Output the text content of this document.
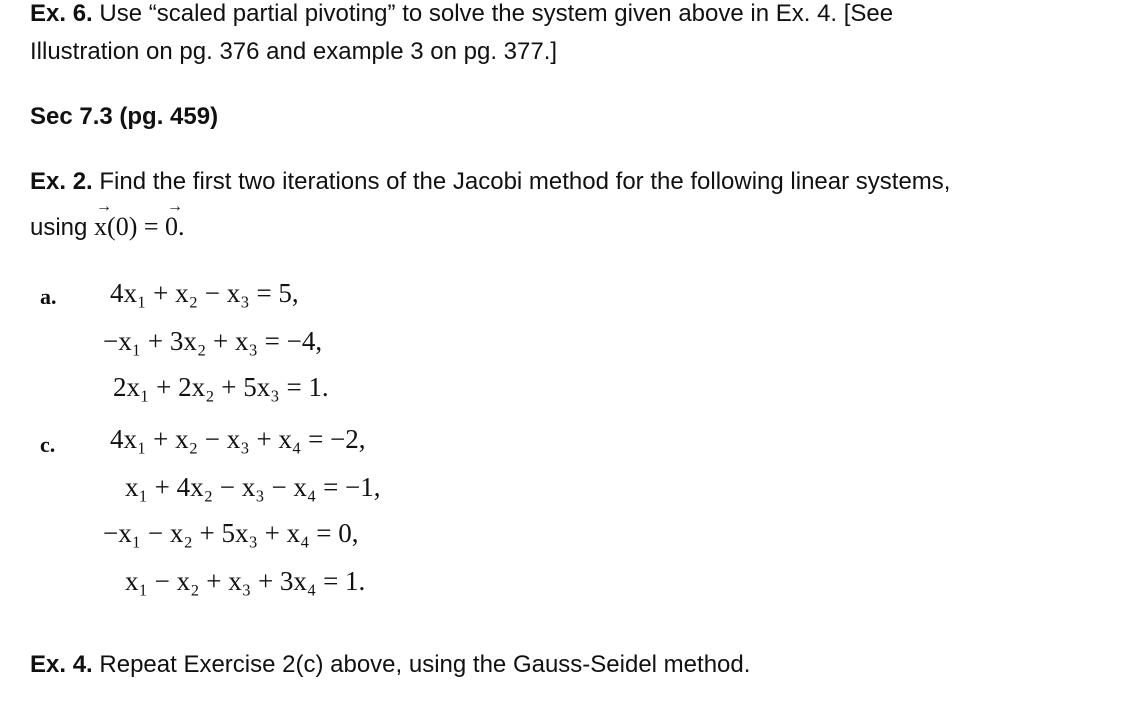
Ex. 6. Use “scaled partial pivoting” to solve the system given above in Ex. 4. [See
Illustration on pg. 376 and example 3 on pg. 377.]
Sec 7.3 (pg. 459)
Ex. 2. Find the first two iterations of the Jacobi method for the following linear systems,
using → x(0) = → 0.
a. 4x₁ + x₂ − x₃ = 5,
−x₁ + 3x₂ + x₃ = −4,
2x₁ + 2x₂ + 5x₃ = 1.
c. 4x₁ + x₂ − x₃ + x₄ = −2,
x₁ + 4x₂ − x₃ − x₄ = −1,
−x₁ − x₂ + 5x₃ + x₄ = 0,
x₁ − x₂ + x₃ + 3x₄ = 1.
Ex. 4. Repeat Exercise 2(c) above, using the Gauss-Seidel method.
